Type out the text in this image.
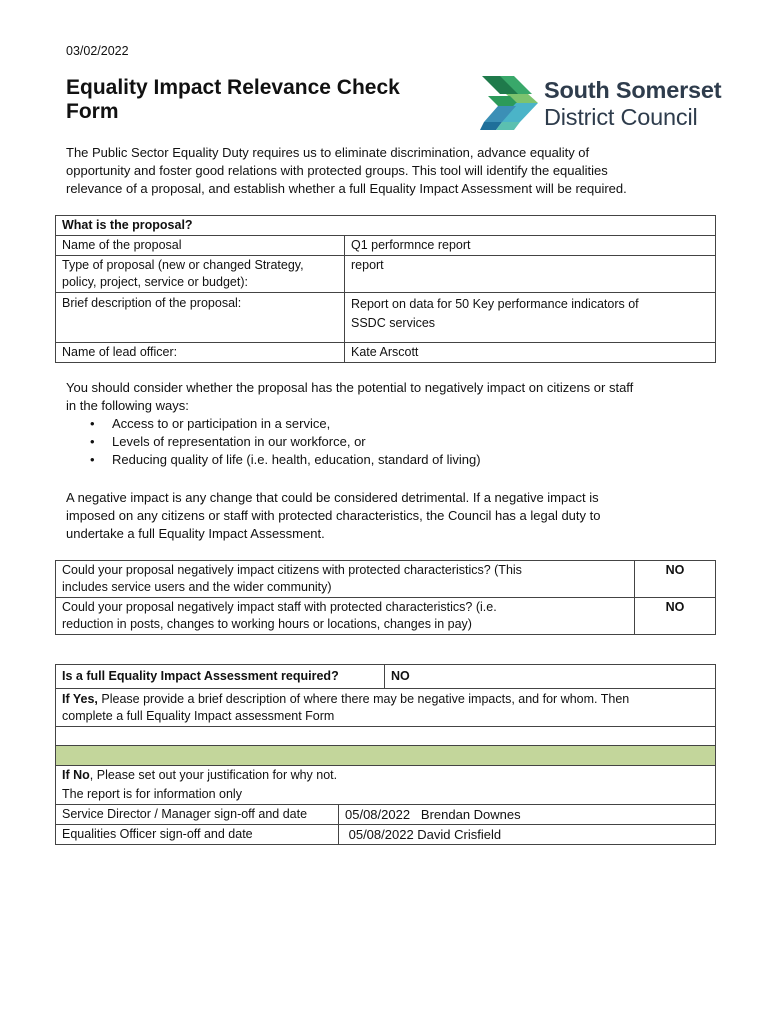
03/02/2022
Equality Impact Relevance Check
Form
South Somerset
District Council
The Public Sector Equality Duty requires us to eliminate discrimination, advance equality of
opportunity and foster good relations with protected groups. This tool will identify the equalities
relevance of a proposal, and establish whether a full Equality Impact Assessment will be required.
What is the proposal?	
Name of the proposal	Q1 performnce report

Type of proposal (new or changed Strategy,
policy, project, service or budget):	report
Brief description of the proposal:	Report on data for 50 Key performance indicators of
SSDC services

Name of lead officer:	Kate Arscott
You should consider whether the proposal has the potential to negatively impact on citizens or staff
in the following ways:
• Access to or participation in a service,
• Levels of representation in our workforce, or
• Reducing quality of life (i.e. health, education, standard of living)
A negative impact is any change that could be considered detrimental. If a negative impact is
imposed on any citizens or staff with protected characteristics, the Council has a legal duty to
undertake a full Equality Impact Assessment.
Could your proposal negatively impact citizens with protected characteristics? (This
includes service users and the wider community)	NO

Could your proposal negatively impact staff with protected characteristics? (i.e.
reduction in posts, changes to working hours or locations, changes in pay)	NO
Is a full Equality Impact Assessment required?		NO

If Yes, Please provide a brief description of where there may be negative impacts, and for whom. Then
complete a full Equality Impact assessment Form		

If No, Please set out your justification for why not.		
The report is for information only		
Service Director / Manager sign-off and date	05/08/2022   Brendan Downes	
Equalities Officer sign-off and date	05/08/2022 David Crisfield	
